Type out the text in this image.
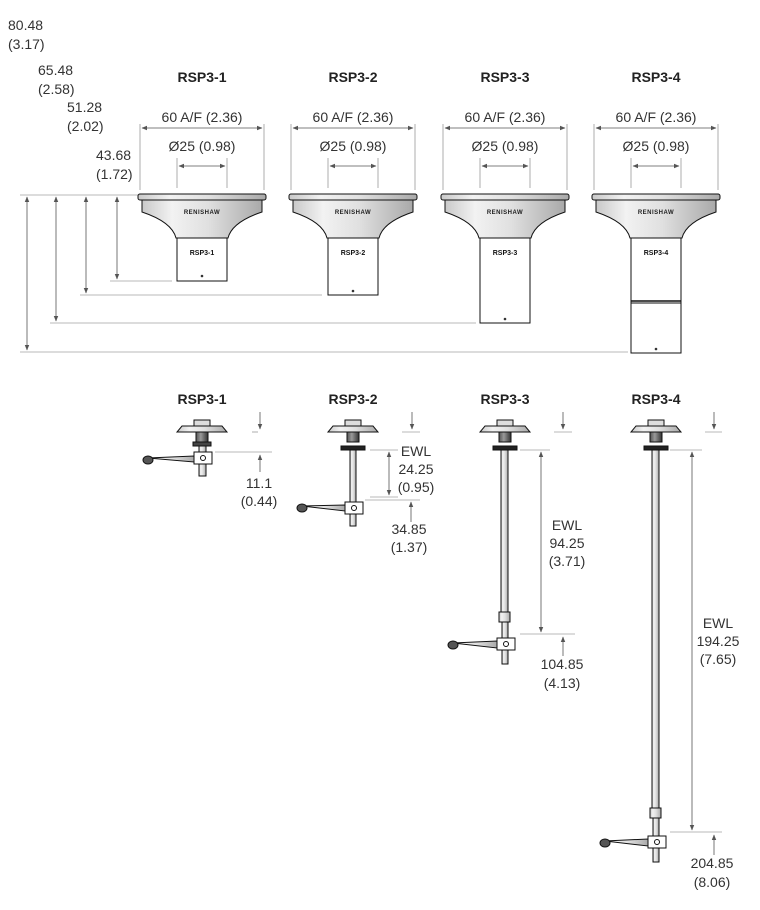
80.48
(3.17)
65.48
(2.58)
51.28
(2.02)
43.68
(1.72)
RSP3-1
60 A/F (2.36)
Ø25 (0.98)
RENISHAW
RSP3-1
RSP3-2
60 A/F (2.36)
Ø25 (0.98)
RENISHAW
RSP3-2
RSP3-3
60 A/F (2.36)
Ø25 (0.98)
RENISHAW
RSP3-3
RSP3-4
60 A/F (2.36)
Ø25 (0.98)
RENISHAW
RSP3-4
RSP3-1
11.1
(0.44)
RSP3-2
EWL
24.25
(0.95)
34.85
(1.37)
RSP3-3
EWL
94.25
(3.71)
104.85
(4.13)
RSP3-4
EWL
194.25
(7.65)
204.85
(8.06)
